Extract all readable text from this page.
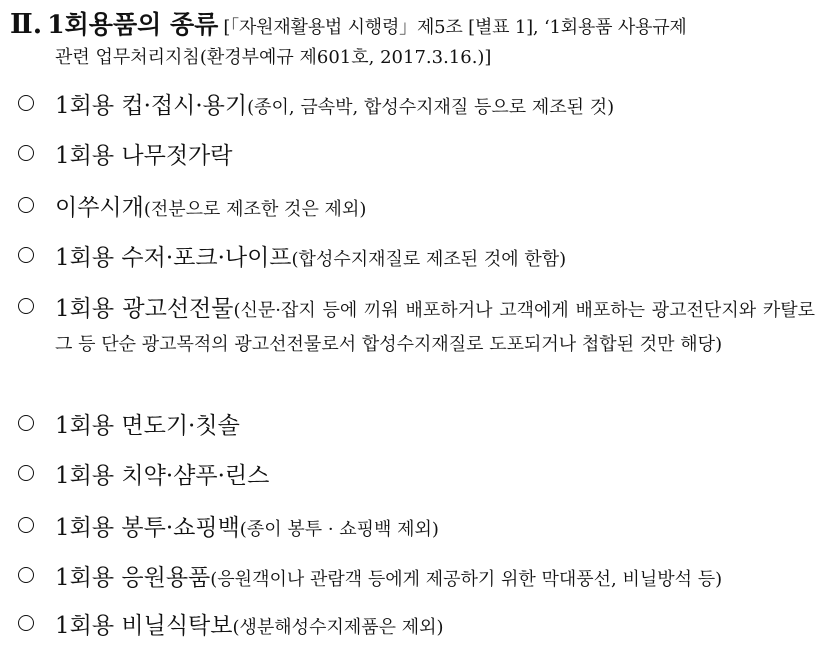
Ⅱ. 1회용품의 종류 [「자원재활용법 시행령」제5조 [별표 1], ‘1회용품 사용규제
관련 업무처리지침(환경부예규 제601호, 2017.3.16.)]
1회용 컵·접시·용기(종이, 금속박, 합성수지재질 등으로 제조된 것)
1회용 나무젓가락
이쑤시개(전분으로 제조한 것은 제외)
1회용 수저·포크·나이프(합성수지재질로 제조된 것에 한함)
1회용 광고선전물(신문·잡지 등에 끼워 배포하거나 고객에게 배포하는 광고전단지와 카탈로그 등 단순 광고목적의 광고선전물로서 합성수지재질로 도포되거나 첩합된 것만 해당)
1회용 면도기·칫솔
1회용 치약·샴푸·린스
1회용 봉투·쇼핑백(종이 봉투 · 쇼핑백 제외)
1회용 응원용품(응원객이나 관람객 등에게 제공하기 위한 막대풍선, 비닐방석 등)
1회용 비닐식탁보(생분해성수지제품은 제외)
